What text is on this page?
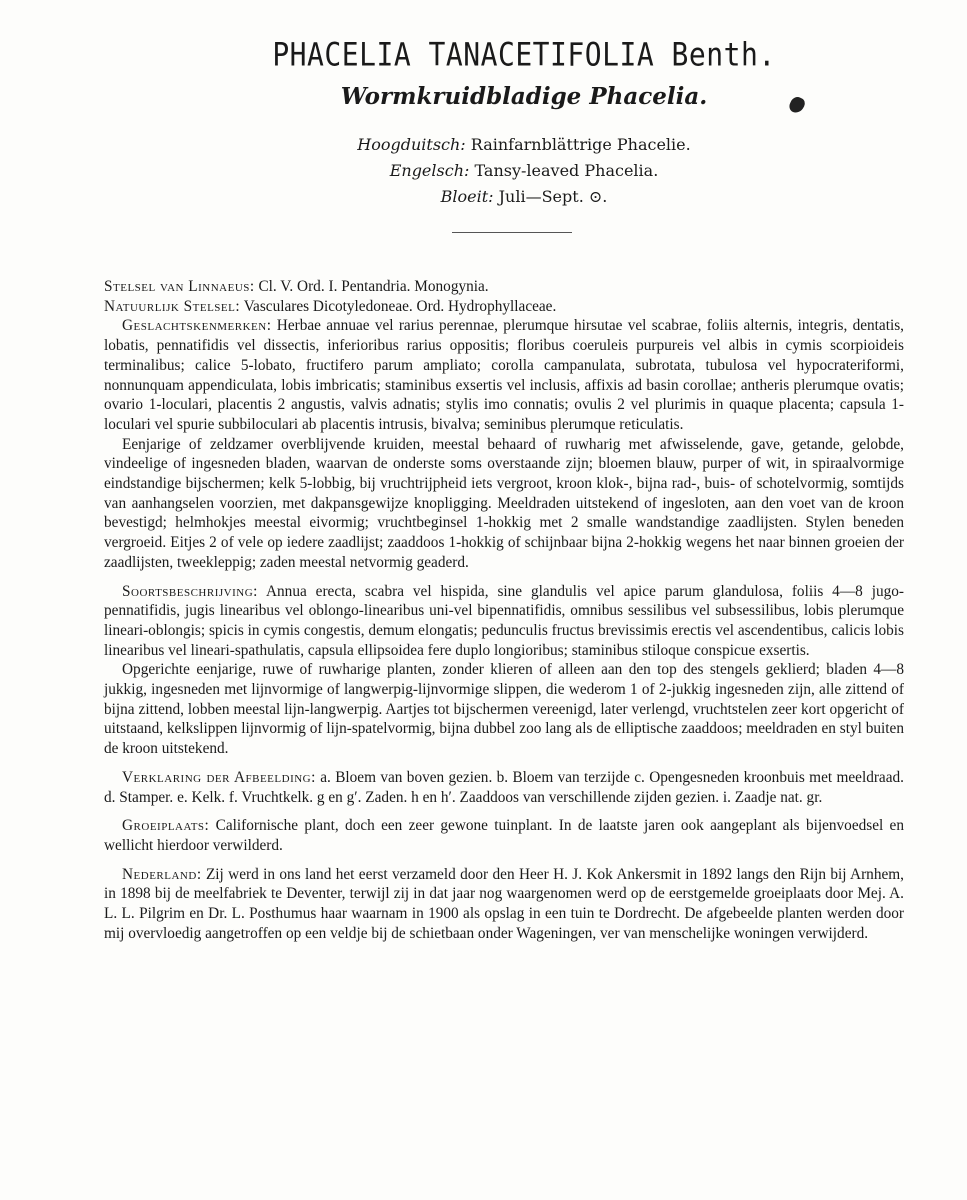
PHACELIA TANACETIFOLIA Benth.
Wormkruidbladige Phacelia.
Hoogduitsch: Rainfarnblättrige Phacelie.
Engelsch: Tansy-leaved Phacelia.
Bloeit: Juli—Sept. ⊙.

Stelsel van Linnaeus: Cl. V. Ord. I. Pentandria. Monogynia.

Natuurlijk Stelsel: Vasculares Dicotyledoneae. Ord. Hydrophyllaceae.

Geslachtskenmerken: Herbae annuae vel rarius perennae, plerumque hirsutae vel scabrae, foliis alternis, integris, dentatis, lobatis, pennatifidis vel dissectis, inferioribus rarius oppositis; floribus coeruleis purpureis vel albis in cymis scorpioideis terminalibus; calice 5-lobato, fructifero parum ampliato; corolla campanulata, subrotata, tubulosa vel hypocrateriformi, nonnunquam appendiculata, lobis imbricatis; staminibus exsertis vel inclusis, affixis ad basin corollae; antheris plerumque ovatis; ovario 1-loculari, placentis 2 angustis, valvis adnatis; stylis imo connatis; ovulis 2 vel plurimis in quaque placenta; capsula 1-loculari vel spurie subbiloculari ab placentis intrusis, bivalva; seminibus plerumque reticulatis.

Eenjarige of zeldzamer overblijvende kruiden, meestal behaard of ruwharig met afwisselende, gave, getande, gelobde, vindeelige of ingesneden bladen, waarvan de onderste soms overstaande zijn; bloemen blauw, purper of wit, in spiraalvormige eindstandige bijschermen; kelk 5-lobbig, bij vruchtrijpheid iets vergroot, kroon klok-, bijna rad-, buis- of schotelvormig, somtijds van aanhangselen voorzien, met dakpansgewijze knopligging. Meeldraden uitstekend of ingesloten, aan den voet van de kroon bevestigd; helmhokjes meestal eivormig; vruchtbeginsel 1-hokkig met 2 smalle wandstandige zaadlijsten. Stylen beneden vergroeid. Eitjes 2 of vele op iedere zaadlijst; zaaddoos 1-hokkig of schijnbaar bijna 2-hokkig wegens het naar binnen groeien der zaadlijsten, tweekleppig; zaden meestal netvormig geaderd.

Soortsbeschrijving: Annua erecta, scabra vel hispida, sine glandulis vel apice parum glandulosa, foliis 4—8 jugo-pennatifidis, jugis linearibus vel oblongo-linearibus uni-vel bipennatifidis, omnibus sessilibus vel subsessilibus, lobis plerumque lineari-oblongis; spicis in cymis congestis, demum elongatis; pedunculis fructus brevissimis erectis vel ascendentibus, calicis lobis linearibus vel lineari-spathulatis, capsula ellipsoidea fere duplo longioribus; staminibus stiloque conspicue exsertis.

Opgerichte eenjarige, ruwe of ruwharige planten, zonder klieren of alleen aan den top des stengels geklierd; bladen 4—8 jukkig, ingesneden met lijnvormige of langwerpig-lijnvormige slippen, die wederom 1 of 2-jukkig ingesneden zijn, alle zittend of bijna zittend, lobben meestal lijn-langwerpig. Aartjes tot bijschermen vereenigd, later verlengd, vruchtstelen zeer kort opgericht of uitstaand, kelkslippen lijnvormig of lijn-spatelvormig, bijna dubbel zoo lang als de elliptische zaaddoos; meeldraden en styl buiten de kroon uitstekend.

Verklaring der Afbeelding: a. Bloem van boven gezien. b. Bloem van terzijde c. Opengesneden kroonbuis met meeldraad. d. Stamper. e. Kelk. f. Vruchtkelk. g en g′. Zaden. h en h′. Zaaddoos van verschillende zijden gezien. i. Zaadje nat. gr.

Groeiplaats: Californische plant, doch een zeer gewone tuinplant. In de laatste jaren ook aangeplant als bijenvoedsel en wellicht hierdoor verwilderd.

Nederland: Zij werd in ons land het eerst verzameld door den Heer H. J. Kok Ankersmit in 1892 langs den Rijn bij Arnhem, in 1898 bij de meelfabriek te Deventer, terwijl zij in dat jaar nog waargenomen werd op de eerstgemelde groeiplaats door Mej. A. L. L. Pilgrim en Dr. L. Posthumus haar waarnam in 1900 als opslag in een tuin te Dordrecht. De afgebeelde planten werden door mij overvloedig aangetroffen op een veldje bij de schietbaan onder Wageningen, ver van menschelijke woningen verwijderd.
